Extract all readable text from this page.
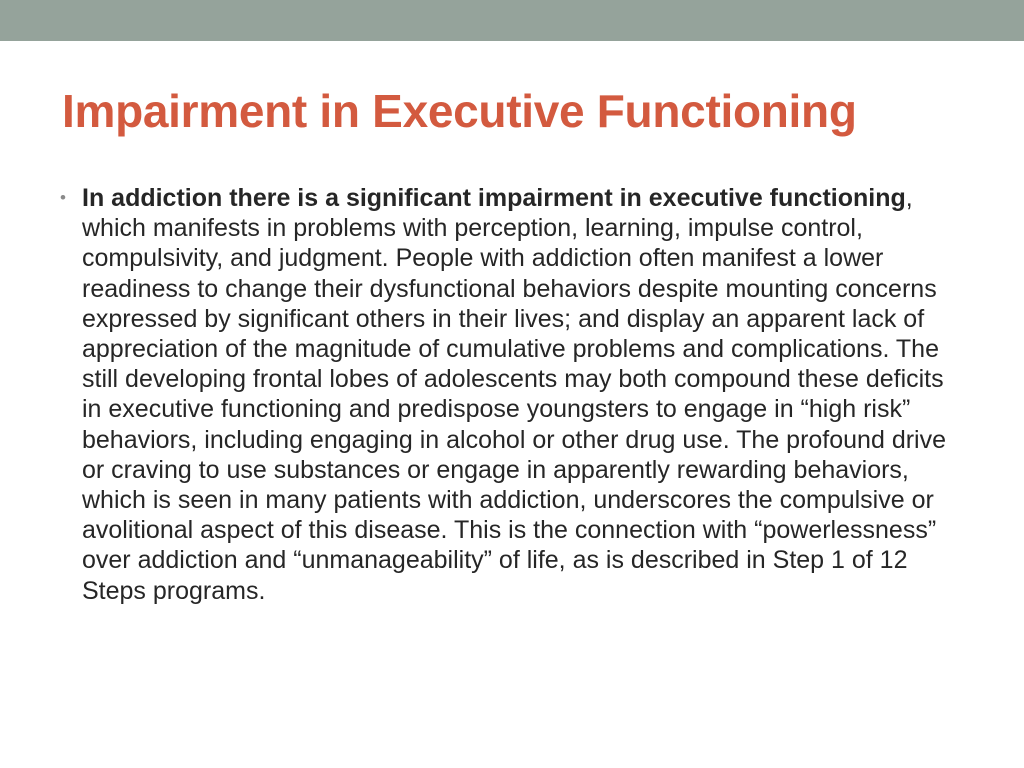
Impairment in Executive Functioning
• In addiction there is a significant impairment in executive functioning, which manifests in problems with perception, learning, impulse control, compulsivity, and judgment. People with addiction often manifest a lower readiness to change their dysfunctional behaviors despite mounting concerns expressed by significant others in their lives; and display an apparent lack of appreciation of the magnitude of cumulative problems and complications. The still developing frontal lobes of adolescents may both compound these deficits in executive functioning and predispose youngsters to engage in “high risk” behaviors, including engaging in alcohol or other drug use. The profound drive or craving to use substances or engage in apparently rewarding behaviors, which is seen in many patients with addiction, underscores the compulsive or avolitional aspect of this disease. This is the connection with “powerlessness” over addiction and “unmanageability” of life, as is described in Step 1 of 12 Steps programs.
